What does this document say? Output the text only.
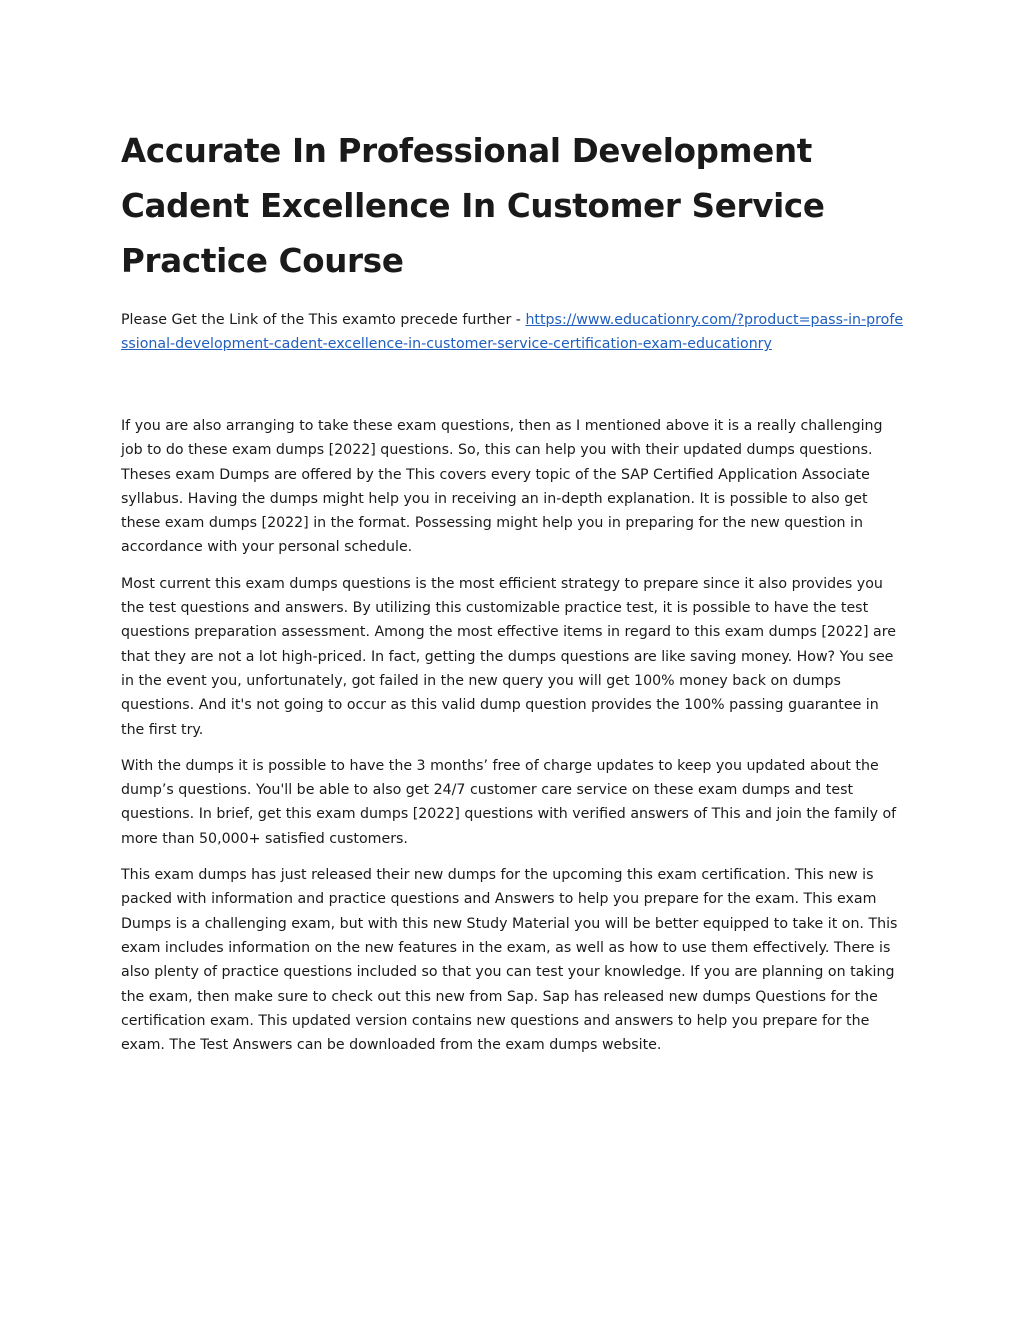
Accurate In Professional Development Cadent Excellence In Customer Service Practice Course

Please Get the Link of the This examto precede further - https://www.educationry.com/?product=pass-in-professional-development-cadent-excellence-in-customer-service-certification-exam-educationry

If you are also arranging to take these exam questions, then as I mentioned above it is a really challenging job to do these exam dumps [2022] questions. So, this can help you with their updated dumps questions. Theses exam Dumps are offered by the This covers every topic of the SAP Certified Application Associate syllabus. Having the dumps might help you in receiving an in-depth explanation. It is possible to also get these exam dumps [2022] in the format. Possessing might help you in preparing for the new question in accordance with your personal schedule.

Most current this exam dumps questions is the most efficient strategy to prepare since it also provides you the test questions and answers. By utilizing this customizable practice test, it is possible to have the test questions preparation assessment. Among the most effective items in regard to this exam dumps [2022] are that they are not a lot high-priced. In fact, getting the dumps questions are like saving money. How? You see in the event you, unfortunately, got failed in the new query you will get 100% money back on dumps questions. And it's not going to occur as this valid dump question provides the 100% passing guarantee in the first try.

With the dumps it is possible to have the 3 months’ free of charge updates to keep you updated about the dump’s questions. You'll be able to also get 24/7 customer care service on these exam dumps and test questions. In brief, get this exam dumps [2022] questions with verified answers of This and join the family of more than 50,000+ satisfied customers.

This exam dumps has just released their new dumps for the upcoming this exam certification. This new is packed with information and practice questions and Answers to help you prepare for the exam. This exam Dumps is a challenging exam, but with this new Study Material you will be better equipped to take it on. This exam includes information on the new features in the exam, as well as how to use them effectively. There is also plenty of practice questions included so that you can test your knowledge. If you are planning on taking the exam, then make sure to check out this new from Sap. Sap has released new dumps Questions for the certification exam. This updated version contains new questions and answers to help you prepare for the exam. The Test Answers can be downloaded from the exam dumps website.
